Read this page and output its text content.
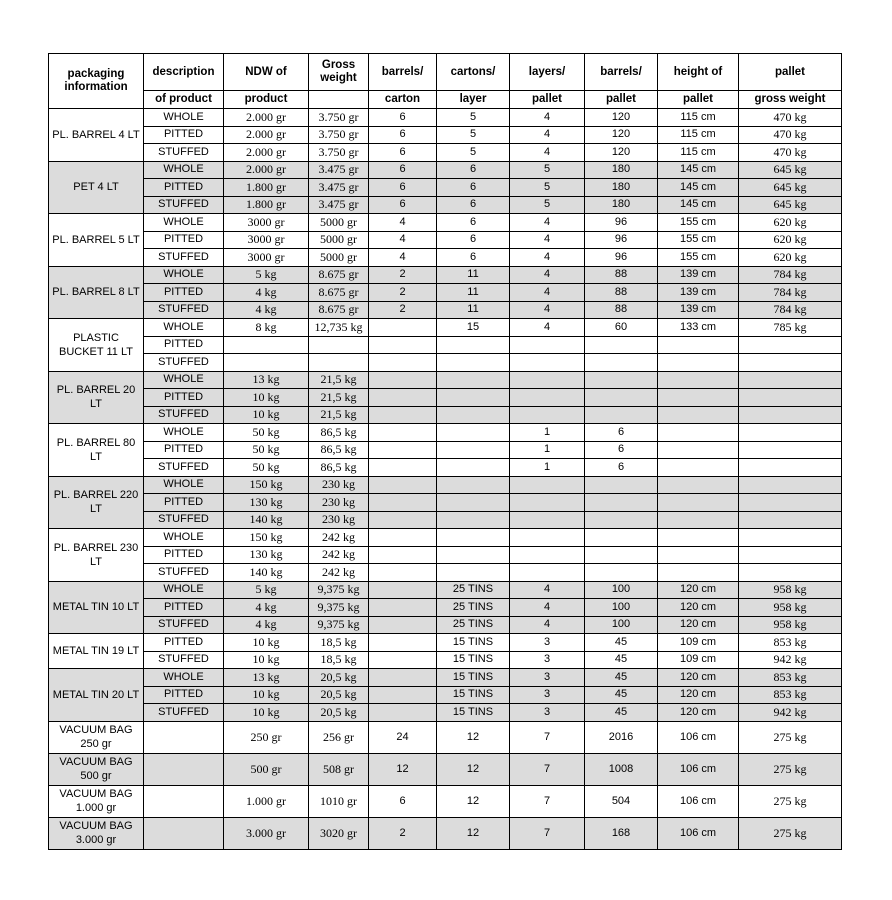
packaging information	description	NDW of	Gross weight	barrels/	cartons/	layers/	barrels/	height of	pallet
	of product	product		carton	layer	pallet	pallet	pallet	gross weight
PL. BARREL 4 LT	WHOLE	2.000 gr	3.750 gr	6	5	4	120	115 cm	470 kg
	PITTED	2.000 gr	3.750 gr	6	5	4	120	115 cm	470 kg
	STUFFED	2.000 gr	3.750 gr	6	5	4	120	115 cm	470 kg
PET 4 LT	WHOLE	2.000 gr	3.475 gr	6	6	5	180	145 cm	645 kg
	PITTED	1.800 gr	3.475 gr	6	6	5	180	145 cm	645 kg
	STUFFED	1.800 gr	3.475 gr	6	6	5	180	145 cm	645 kg
PL. BARREL 5 LT	WHOLE	3000 gr	5000 gr	4	6	4	96	155 cm	620 kg
	PITTED	3000 gr	5000 gr	4	6	4	96	155 cm	620 kg
	STUFFED	3000 gr	5000 gr	4	6	4	96	155 cm	620 kg
PL. BARREL 8 LT	WHOLE	5 kg	8.675 gr	2	11	4	88	139 cm	784 kg
	PITTED	4 kg	8.675 gr	2	11	4	88	139 cm	784 kg
	STUFFED	4 kg	8.675 gr	2	11	4	88	139 cm	784 kg
PLASTIC BUCKET 11 LT	WHOLE	8 kg	12,735 kg		15	4	60	133 cm	785 kg
	PITTED								
	STUFFED								
PL. BARREL 20 LT	WHOLE	13 kg	21,5 kg						
	PITTED	10 kg	21,5 kg						
	STUFFED	10 kg	21,5 kg						
PL. BARREL 80 LT	WHOLE	50 kg	86,5 kg			1	6		
	PITTED	50 kg	86,5 kg			1	6		
	STUFFED	50 kg	86,5 kg			1	6		
PL. BARREL 220 LT	WHOLE	150 kg	230 kg						
	PITTED	130 kg	230 kg						
	STUFFED	140 kg	230 kg						
PL. BARREL 230 LT	WHOLE	150 kg	242 kg						
	PITTED	130 kg	242 kg						
	STUFFED	140 kg	242 kg						
METAL TIN 10 LT	WHOLE	5 kg	9,375 kg		25 TINS	4	100	120 cm	958 kg
	PITTED	4 kg	9,375 kg		25 TINS	4	100	120 cm	958 kg
	STUFFED	4 kg	9,375 kg		25 TINS	4	100	120 cm	958 kg
METAL TIN 19 LT	PITTED	10 kg	18,5 kg		15 TINS	3	45	109 cm	853 kg
	STUFFED	10 kg	18,5 kg		15 TINS	3	45	109 cm	942 kg
METAL TIN 20 LT	WHOLE	13 kg	20,5 kg		15 TINS	3	45	120 cm	853 kg
	PITTED	10 kg	20,5 kg		15 TINS	3	45	120 cm	853 kg
	STUFFED	10 kg	20,5 kg		15 TINS	3	45	120 cm	942 kg
VACUUM BAG 250 gr		250 gr	256 gr	24	12	7	2016	106 cm	275 kg
VACUUM BAG 500 gr		500 gr	508 gr	12	12	7	1008	106 cm	275 kg
VACUUM BAG 1.000 gr		1.000 gr	1010 gr	6	12	7	504	106 cm	275 kg
VACUUM BAG 3.000 gr		3.000 gr	3020 gr	2	12	7	168	106 cm	275 kg
